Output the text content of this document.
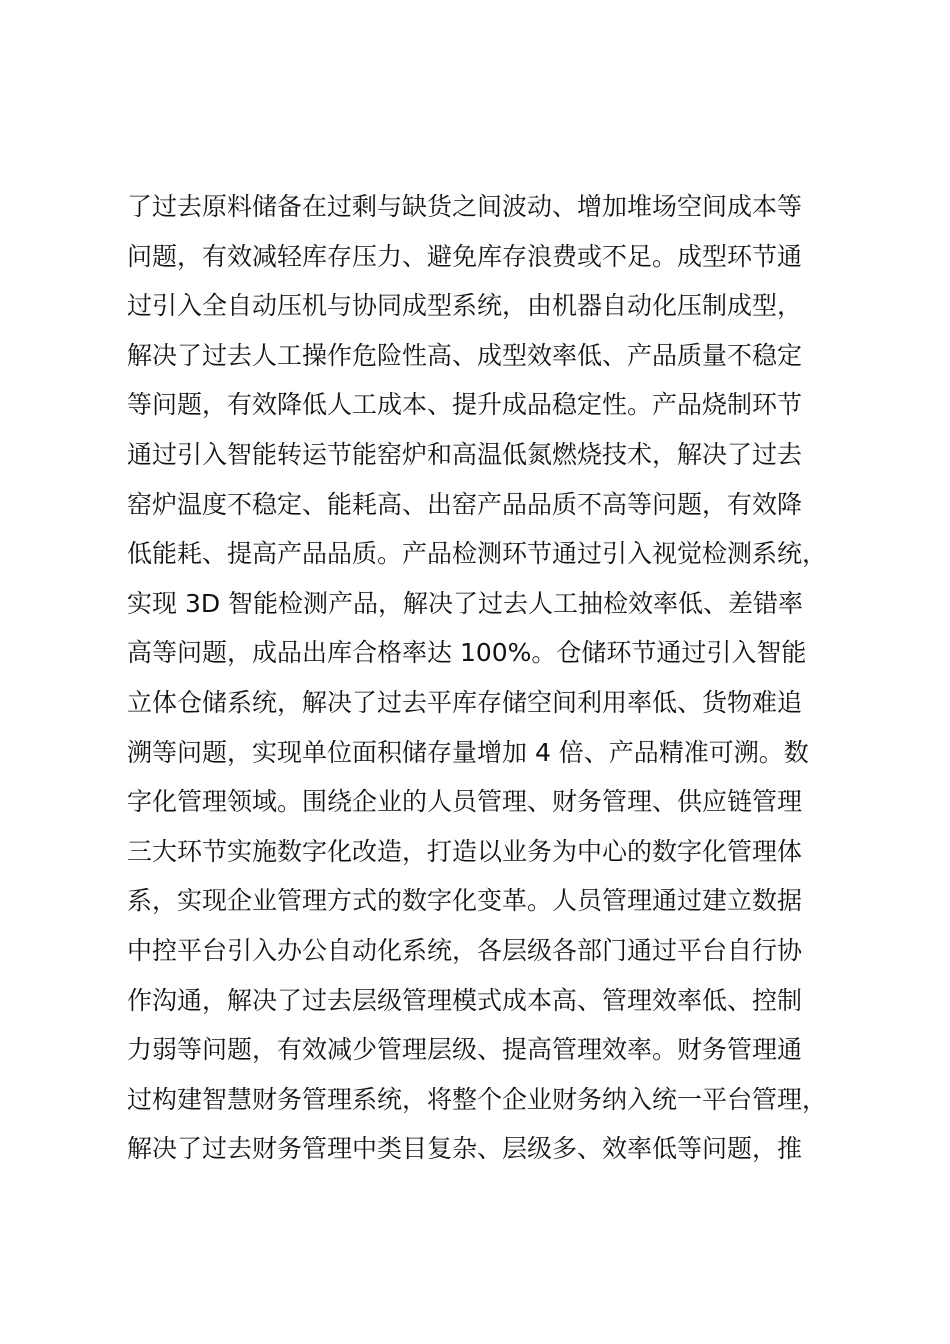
了过去原料储备在过剩与缺货之间波动、增加堆场空间成本等
问题，有效减轻库存压力、避免库存浪费或不足。成型环节通
过引入全自动压机与协同成型系统，由机器自动化压制成型，
解决了过去人工操作危险性高、成型效率低、产品质量不稳定
等问题，有效降低人工成本、提升成品稳定性。产品烧制环节
通过引入智能转运节能窑炉和高温低氮燃烧技术，解决了过去
窑炉温度不稳定、能耗高、出窑产品品质不高等问题，有效降
低能耗、提高产品品质。产品检测环节通过引入视觉检测系统，
实现 3D 智能检测产品，解决了过去人工抽检效率低、差错率
高等问题，成品出库合格率达 100%。仓储环节通过引入智能
立体仓储系统，解决了过去平库存储空间利用率低、货物难追
溯等问题，实现单位面积储存量增加 4 倍、产品精准可溯。数
字化管理领域。围绕企业的人员管理、财务管理、供应链管理
三大环节实施数字化改造，打造以业务为中心的数字化管理体
系，实现企业管理方式的数字化变革。人员管理通过建立数据
中控平台引入办公自动化系统，各层级各部门通过平台自行协
作沟通，解决了过去层级管理模式成本高、管理效率低、控制
力弱等问题，有效减少管理层级、提高管理效率。财务管理通
过构建智慧财务管理系统，将整个企业财务纳入统一平台管理，
解决了过去财务管理中类目复杂、层级多、效率低等问题，推
